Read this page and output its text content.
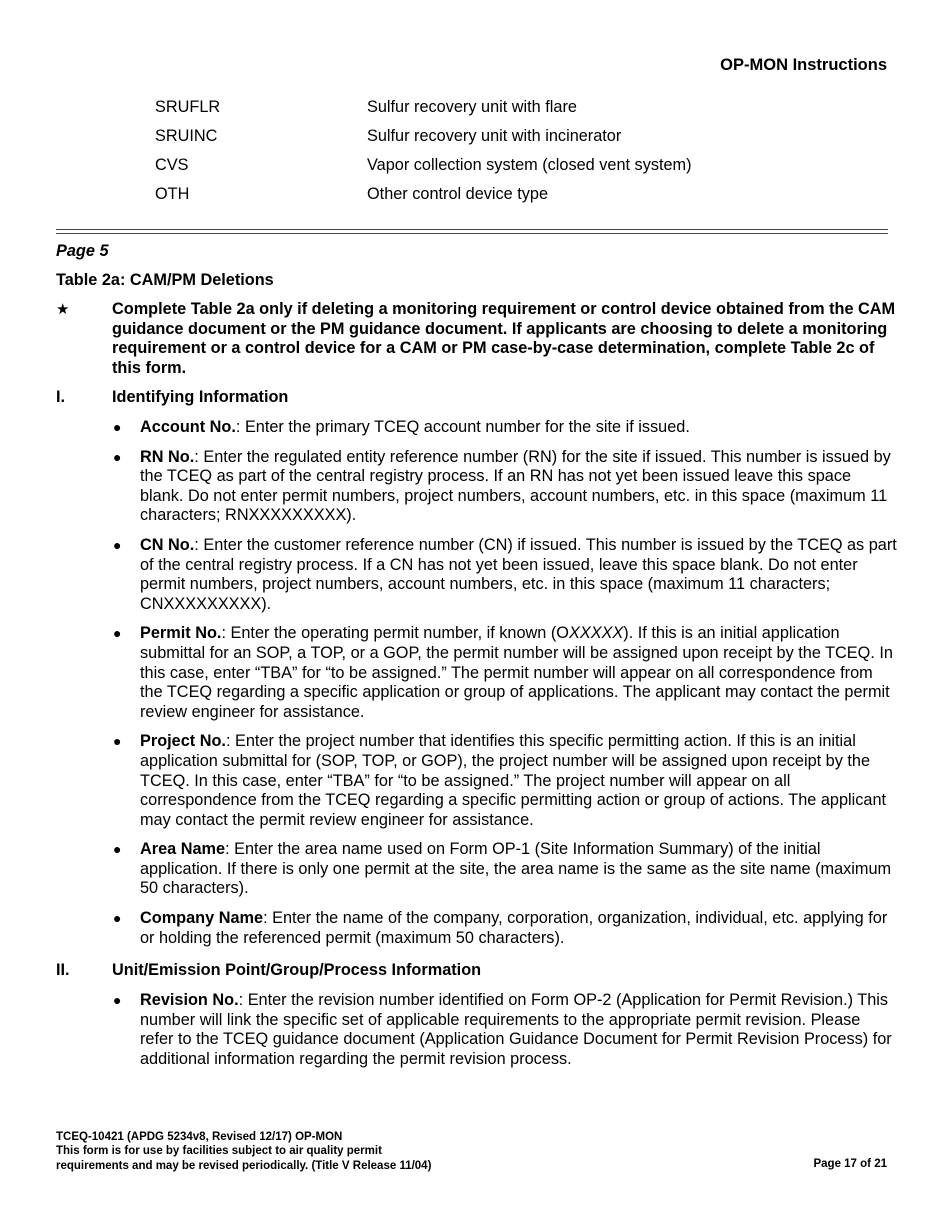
OP-MON Instructions
SRUFLR	Sulfur recovery unit with flare
SRUINC	Sulfur recovery unit with incinerator
CVS	Vapor collection system (closed vent system)
OTH	Other control device type
Page 5
Table 2a: CAM/PM Deletions
★	Complete Table 2a only if deleting a monitoring requirement or control device obtained from the CAM guidance document or the PM guidance document. If applicants are choosing to delete a monitoring requirement or a control device for a CAM or PM case-by-case determination, complete Table 2c of this form.
I.	Identifying Information
●	Account No.: Enter the primary TCEQ account number for the site if issued.
●	RN No.: Enter the regulated entity reference number (RN) for the site if issued. This number is issued by the TCEQ as part of the central registry process. If an RN has not yet been issued leave this space blank. Do not enter permit numbers, project numbers, account numbers, etc. in this space (maximum 11 characters; RNXXXXXXXXX).
●	CN No.: Enter the customer reference number (CN) if issued. This number is issued by the TCEQ as part of the central registry process. If a CN has not yet been issued, leave this space blank. Do not enter permit numbers, project numbers, account numbers, etc. in this space (maximum 11 characters; CNXXXXXXXXX).
●	Permit No.: Enter the operating permit number, if known (OXXXXX). If this is an initial application submittal for an SOP, a TOP, or a GOP, the permit number will be assigned upon receipt by the TCEQ. In this case, enter “TBA” for “to be assigned.” The permit number will appear on all correspondence from the TCEQ regarding a specific application or group of applications. The applicant may contact the permit review engineer for assistance.
●	Project No.: Enter the project number that identifies this specific permitting action. If this is an initial application submittal for (SOP, TOP, or GOP), the project number will be assigned upon receipt by the TCEQ. In this case, enter “TBA” for “to be assigned.” The project number will appear on all correspondence from the TCEQ regarding a specific permitting action or group of actions. The applicant may contact the permit review engineer for assistance.
●	Area Name: Enter the area name used on Form OP-1 (Site Information Summary) of the initial application. If there is only one permit at the site, the area name is the same as the site name (maximum 50 characters).
●	Company Name: Enter the name of the company, corporation, organization, individual, etc. applying for or holding the referenced permit (maximum 50 characters).
II.	Unit/Emission Point/Group/Process Information
●	Revision No.: Enter the revision number identified on Form OP-2 (Application for Permit Revision.) This number will link the specific set of applicable requirements to the appropriate permit revision. Please refer to the TCEQ guidance document (Application Guidance Document for Permit Revision Process) for additional information regarding the permit revision process.
TCEQ-10421 (APDG 5234v8, Revised 12/17) OP-MON
This form is for use by facilities subject to air quality permit
requirements and may be revised periodically. (Title V Release 11/04)	Page 17 of 21
